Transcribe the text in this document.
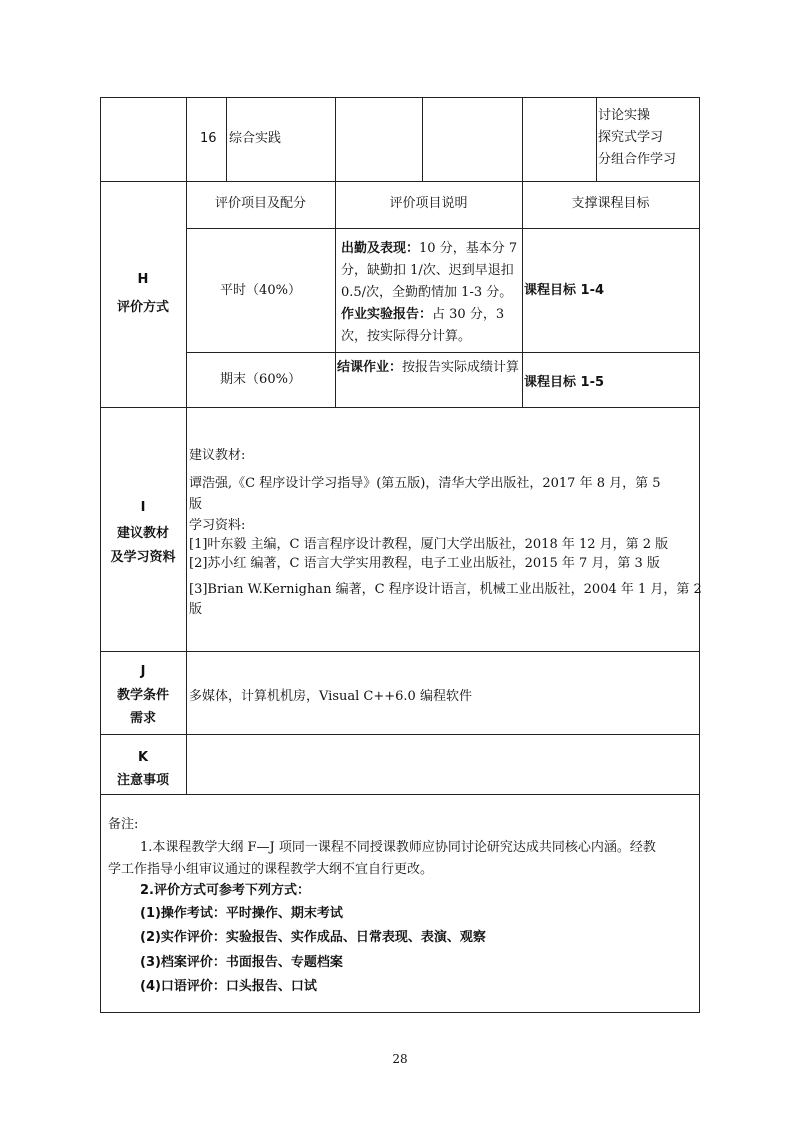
16 综合实践
讨论实操
探究式学习
分组合作学习
H
评价方式
评价项目及配分	评价项目说明	支撑课程目标
平时（40%）
出勤及表现：10 分，基本分 7 分，缺勤扣 1/次、迟到早退扣 0.5/次，全勤酌情加 1-3 分。
作业实验报告：占 30 分，3 次，按实际得分计算。
课程目标 1-4
期末（60%）
结课作业：按报告实际成绩计算
课程目标 1-5
I
建议教材
及学习资料
建议教材:
谭浩强,《C 程序设计学习指导》(第五版)，清华大学出版社，2017 年 8 月，第 5
版
学习资料:
[1]叶东毅 主编，C 语言程序设计教程，厦门大学出版社，2018 年 12 月，第 2 版
[2]苏小红 编著，C 语言大学实用教程，电子工业出版社，2015 年 7 月，第 3 版
[3]Brian W.Kernighan 编著，C 程序设计语言，机械工业出版社，2004 年 1 月，第 2
版
J
教学条件
需求
多媒体，计算机机房，Visual C++6.0 编程软件
K
注意事项
备注:
1.本课程教学大纲 F—J 项同一课程不同授课教师应协同讨论研究达成共同核心内涵。经教
学工作指导小组审议通过的课程教学大纲不宜自行更改。
2.评价方式可参考下列方式：
(1)操作考试：平时操作、期末考试
(2)实作评价：实验报告、实作成品、日常表现、表演、观察
(3)档案评价：书面报告、专题档案
(4)口语评价：口头报告、口试
28
